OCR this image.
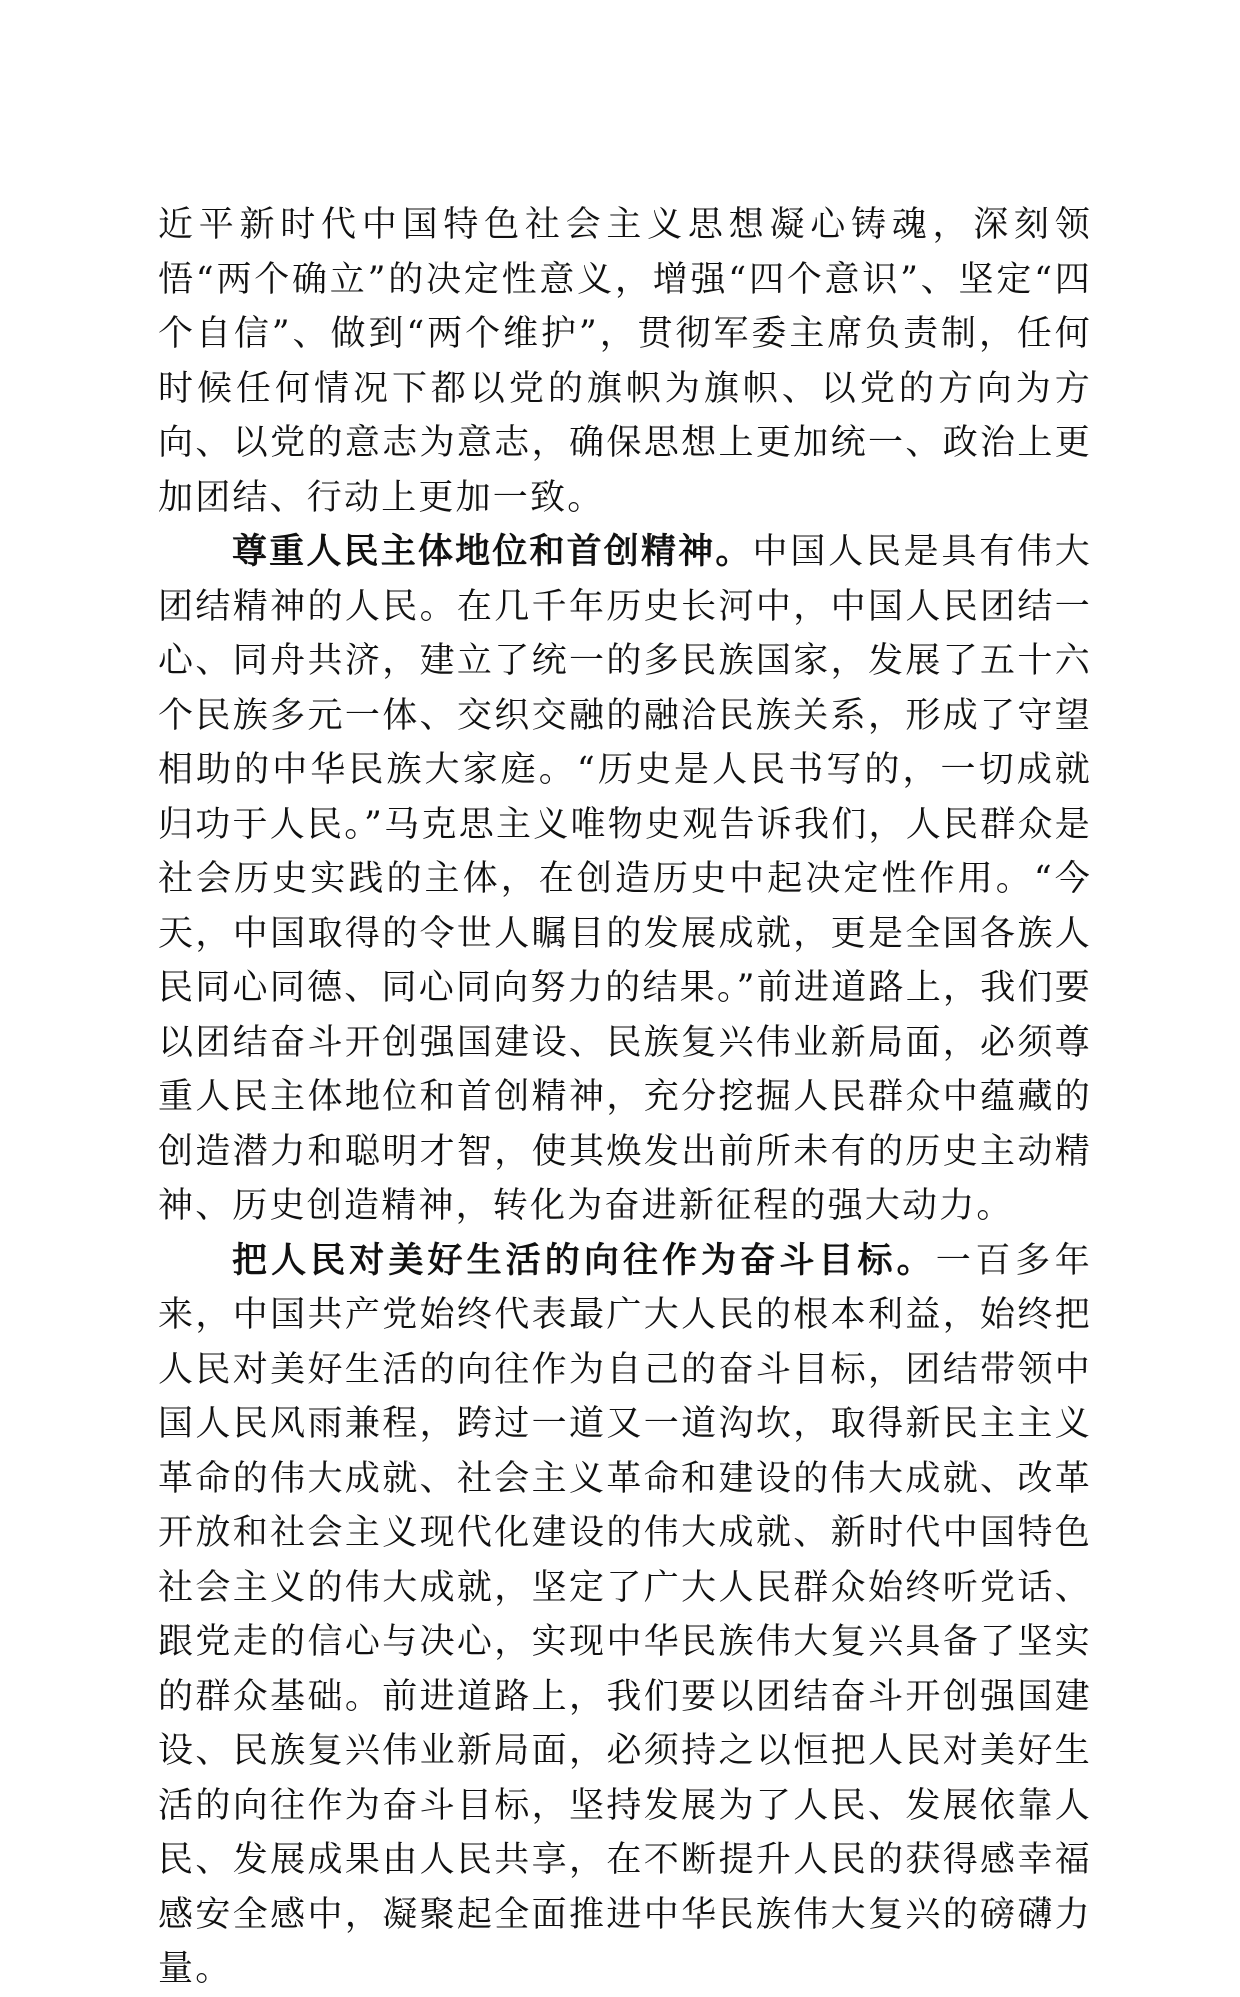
近平新时代中国特色社会主义思想凝心铸魂，深刻领悟“两个确立”的决定性意义，增强“四个意识”、坚定“四个自信”、做到“两个维护”，贯彻军委主席负责制，任何时候任何情况下都以党的旗帜为旗帜、以党的方向为方向、以党的意志为意志，确保思想上更加统一、政治上更加团结、行动上更加一致。

尊重人民主体地位和首创精神。中国人民是具有伟大团结精神的人民。在几千年历史长河中，中国人民团结一心、同舟共济，建立了统一的多民族国家，发展了五十六个民族多元一体、交织交融的融洽民族关系，形成了守望相助的中华民族大家庭。“历史是人民书写的，一切成就归功于人民。”马克思主义唯物史观告诉我们，人民群众是社会历史实践的主体，在创造历史中起决定性作用。“今天，中国取得的令世人瞩目的发展成就，更是全国各族人民同心同德、同心同向努力的结果。”前进道路上，我们要以团结奋斗开创强国建设、民族复兴伟业新局面，必须尊重人民主体地位和首创精神，充分挖掘人民群众中蕴藏的创造潜力和聪明才智，使其焕发出前所未有的历史主动精神、历史创造精神，转化为奋进新征程的强大动力。

把人民对美好生活的向往作为奋斗目标。一百多年来，中国共产党始终代表最广大人民的根本利益，始终把人民对美好生活的向往作为自己的奋斗目标，团结带领中国人民风雨兼程，跨过一道又一道沟坎，取得新民主主义革命的伟大成就、社会主义革命和建设的伟大成就、改革开放和社会主义现代化建设的伟大成就、新时代中国特色社会主义的伟大成就，坚定了广大人民群众始终听党话、跟党走的信心与决心，实现中华民族伟大复兴具备了坚实的群众基础。前进道路上，我们要以团结奋斗开创强国建设、民族复兴伟业新局面，必须持之以恒把人民对美好生活的向往作为奋斗目标，坚持发展为了人民、发展依靠人民、发展成果由人民共享，在不断提升人民的获得感幸福感安全感中，凝聚起全面推进中华民族伟大复兴的磅礴力量。
